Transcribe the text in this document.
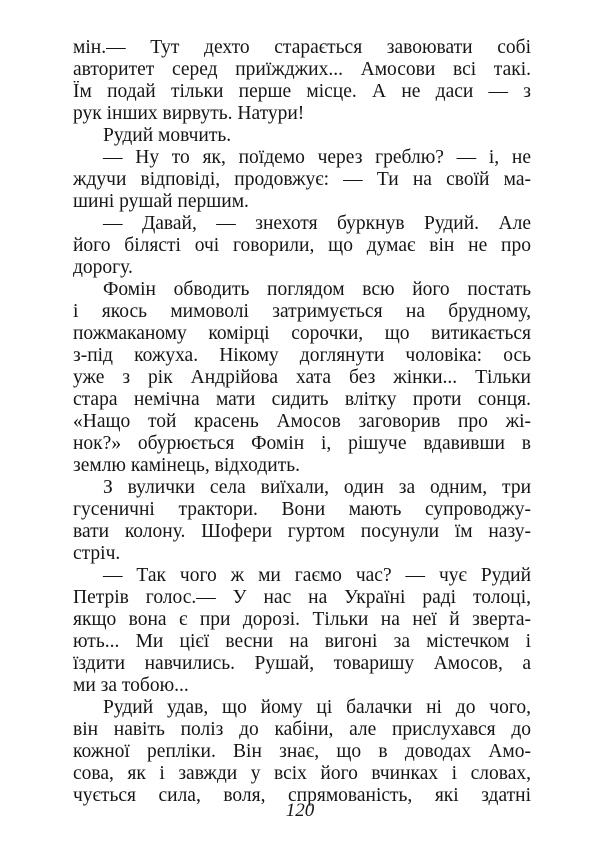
мін.— Тут дехто старається завоювати собі
авторитет серед приїжджих... Амосови всі такі.
Їм подай тільки перше місце. А не даси — з
рук інших вирвуть. Натури!
Рудий мовчить.
— Ну то як, поїдемо через греблю? — і, не
ждучи відповіді, продовжує: — Ти на своїй ма-
шині рушай першим.
— Давай, — знехотя буркнув Рудий. Але
його білясті очі говорили, що думає він не про
дорогу.
Фомін обводить поглядом всю його постать
і якось мимоволі затримується на брудному,
пожмаканому комірці сорочки, що витикається
з-під кожуха. Нікому доглянути чоловіка: ось
уже з рік Андрійова хата без жінки... Тільки
стара немічна мати сидить влітку проти сонця.
«Нащо той красень Амосов заговорив про жі-
нок?» обурюється Фомін і, рішуче вдавивши в
землю камінець, відходить.
З вулички села виїхали, один за одним, три
гусеничні трактори. Вони мають супроводжу-
вати колону. Шофери гуртом посунули їм назу-
стріч.
— Так чого ж ми гаємо час? — чує Рудий
Петрів голос.— У нас на Україні раді толоці,
якщо вона є при дорозі. Тільки на неї й зверта-
ють... Ми цієї весни на вигоні за містечком і
їздити навчились. Рушай, товаришу Амосов, а
ми за тобою...
Рудий удав, що йому ці балачки ні до чого,
він навіть поліз до кабіни, але прислухався до
кожної репліки. Він знає, що в доводах Амо-
сова, як і завжди у всіх його вчинках і словах,
чується сила, воля, спрямованість, які здатні
120
